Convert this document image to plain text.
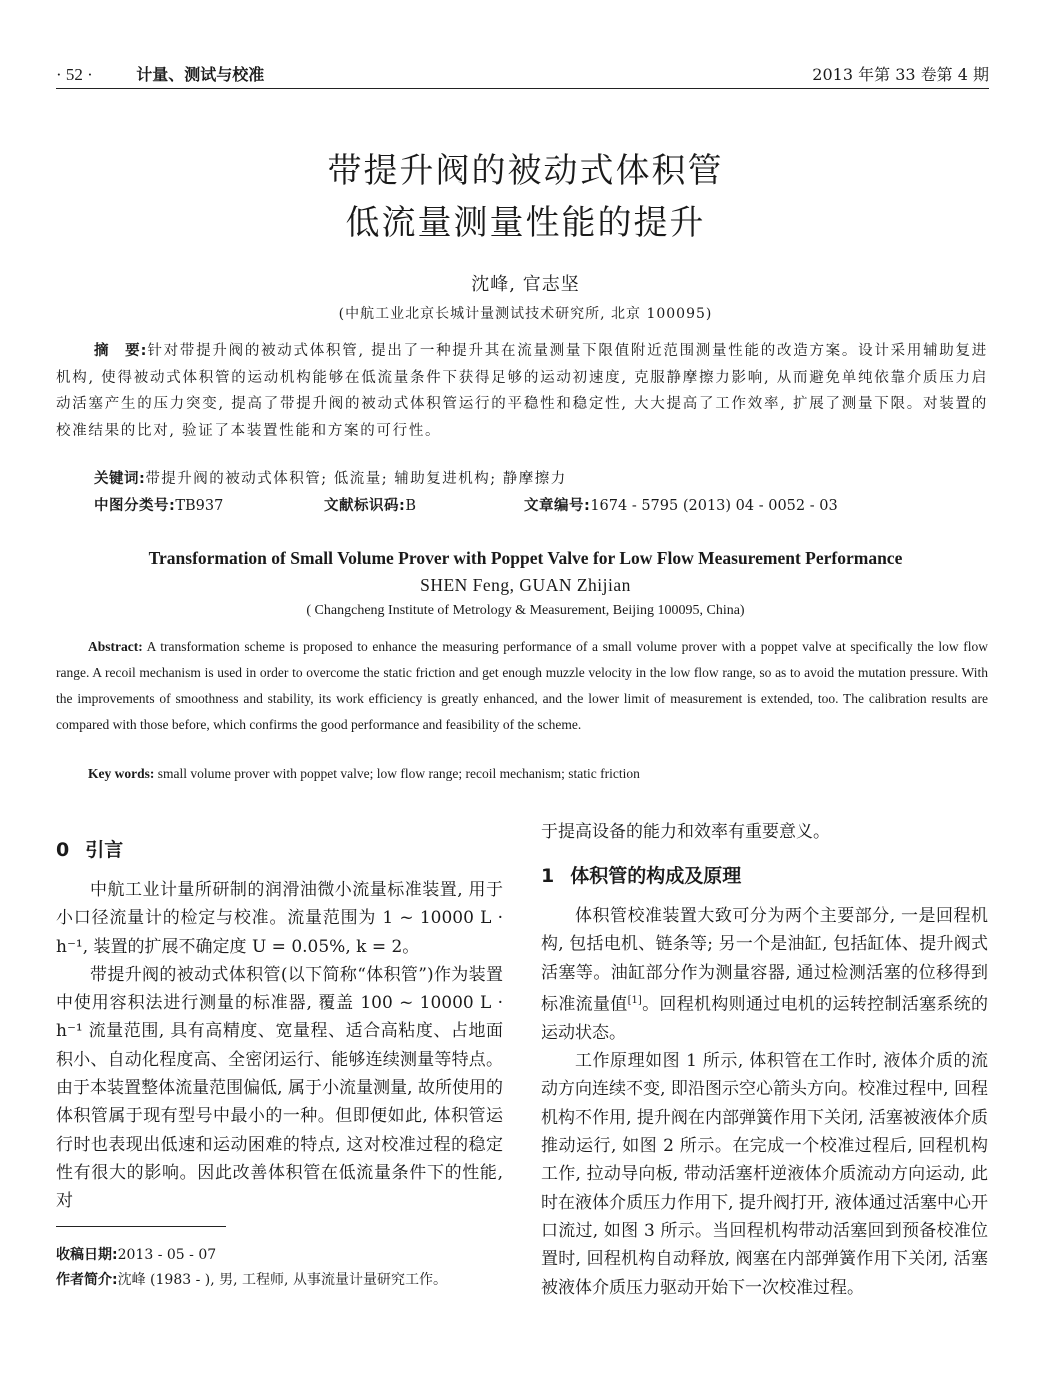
· 52 ·	计量、测试与校准	2013 年第 33 卷第 4 期
带提升阀的被动式体积管
低流量测量性能的提升
沈峰, 官志坚
(中航工业北京长城计量测试技术研究所, 北京 100095)
摘　要:针对带提升阀的被动式体积管, 提出了一种提升其在流量测量下限值附近范围测量性能的改造方案。设计采用辅助复进机构, 使得被动式体积管的运动机构能够在低流量条件下获得足够的运动初速度, 克服静摩擦力影响, 从而避免单纯依靠介质压力启动活塞产生的压力突变, 提高了带提升阀的被动式体积管运行的平稳性和稳定性, 大大提高了工作效率, 扩展了测量下限。对装置的校准结果的比对, 验证了本装置性能和方案的可行性。
关键词:带提升阀的被动式体积管; 低流量; 辅助复进机构; 静摩擦力
中图分类号:TB937	文献标识码:B	文章编号:1674 - 5795 (2013) 04 - 0052 - 03
Transformation of Small Volume Prover with Poppet Valve for Low Flow Measurement Performance
SHEN Feng, GUAN Zhijian
( Changcheng Institute of Metrology & Measurement, Beijing 100095, China)
Abstract: A transformation scheme is proposed to enhance the measuring performance of a small volume prover with a poppet valve at specifically the low flow range. A recoil mechanism is used in order to overcome the static friction and get enough muzzle velocity in the low flow range, so as to avoid the mutation pressure. With the improvements of smoothness and stability, its work efficiency is greatly enhanced, and the lower limit of measurement is extended, too. The calibration results are compared with those before, which confirms the good performance and feasibility of the scheme.
Key words: small volume prover with poppet valve; low flow range; recoil mechanism; static friction
0 引言

中航工业计量所研制的润滑油微小流量标准装置, 用于小口径流量计的检定与校准。流量范围为 1 ~ 10000 L · h⁻¹, 装置的扩展不确定度 U = 0.05%, k = 2。

带提升阀的被动式体积管(以下简称“体积管”)作为装置中使用容积法进行测量的标准器, 覆盖 100 ~ 10000 L · h⁻¹ 流量范围, 具有高精度、宽量程、适合高粘度、占地面积小、自动化程度高、全密闭运行、能够连续测量等特点。由于本装置整体流量范围偏低, 属于小流量测量, 故所使用的体积管属于现有型号中最小的一种。但即便如此, 体积管运行时也表现出低速和运动困难的特点, 这对校准过程的稳定性有很大的影响。因此改善体积管在低流量条件下的性能, 对

于提高设备的能力和效率有重要意义。
1 体积管的构成及原理

体积管校准装置大致可分为两个主要部分, 一是回程机构, 包括电机、链条等; 另一个是油缸, 包括缸体、提升阀式活塞等。油缸部分作为测量容器, 通过检测活塞的位移得到标准流量值[1]。回程机构则通过电机的运转控制活塞系统的运动状态。

工作原理如图 1 所示, 体积管在工作时, 液体介质的流动方向连续不变, 即沿图示空心箭头方向。校准过程中, 回程机构不作用, 提升阀在内部弹簧作用下关闭, 活塞被液体介质推动运行, 如图 2 所示。在完成一个校准过程后, 回程机构工作, 拉动导向板, 带动活塞杆逆液体介质流动方向运动, 此时在液体介质压力作用下, 提升阀打开, 液体通过活塞中心开口流过, 如图 3 所示。当回程机构带动活塞回到预备校准位置时, 回程机构自动释放, 阀塞在内部弹簧作用下关闭, 活塞被液体介质压力驱动开始下一次校准过程。

收稿日期:2013 - 05 - 07
作者简介:沈峰 (1983 - ), 男, 工程师, 从事流量计量研究工作。
